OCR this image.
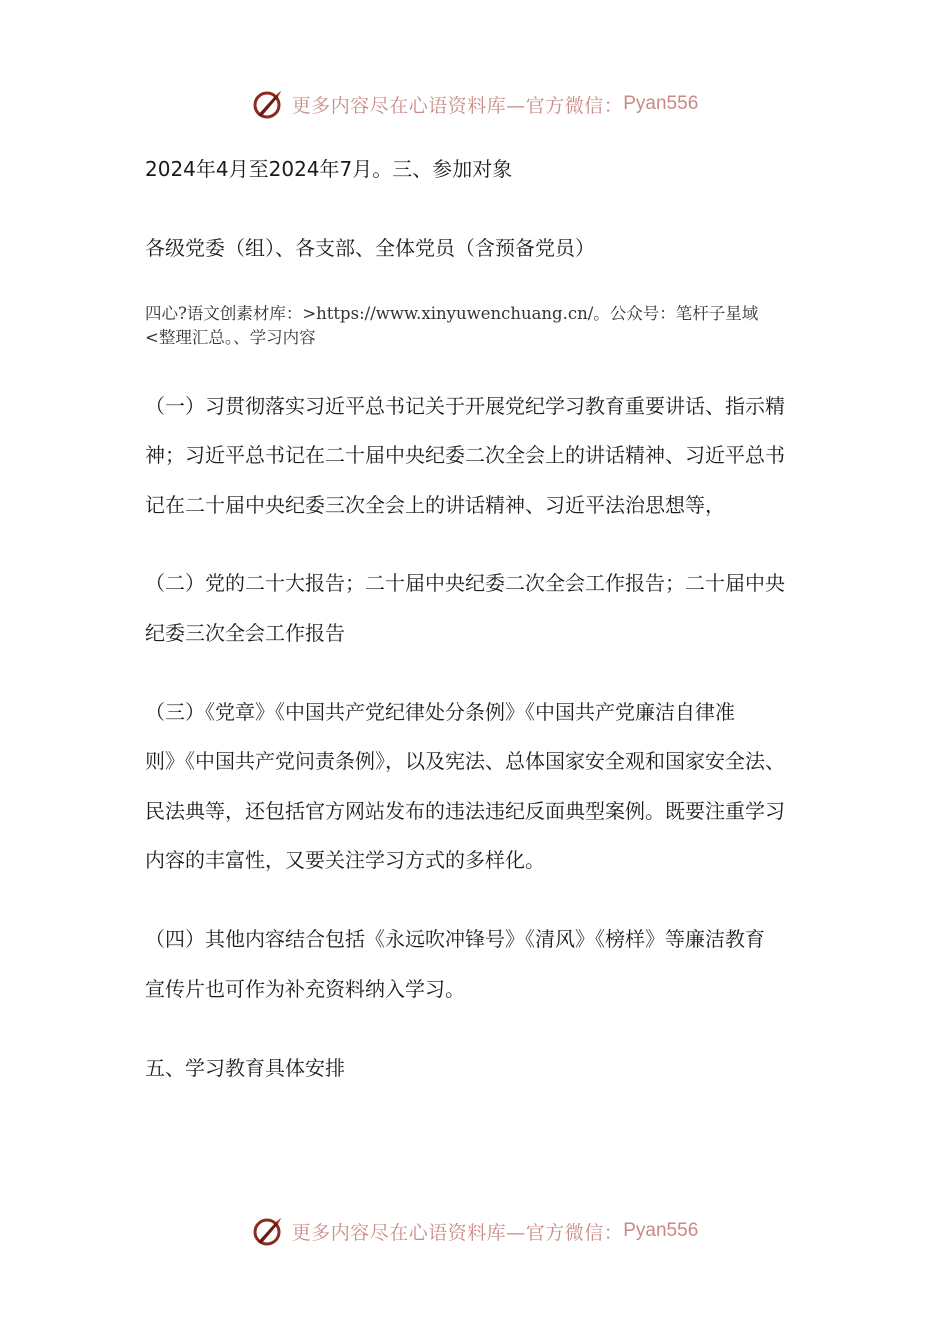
更多内容尽在心语资料库—官方微信： Pyan556
2024年4月至2024年7月。三、参加对象
各级党委（组）、各支部、全体党员（含预备党员）
四心?语文创素材库：>https://www.xinyuwenchuang.cn/。公众号：笔杆子星域
<整理汇总。、学习内容
（一）习贯彻落实习近平总书记关于开展党纪学习教育重要讲话、指示精
神；习近平总书记在二十届中央纪委二次全会上的讲话精神、习近平总书
记在二十届中央纪委三次全会上的讲话精神、习近平法治思想等，
（二）党的二十大报告；二十届中央纪委二次全会工作报告；二十届中央
纪委三次全会工作报告
（三）《党章》《中国共产党纪律处分条例》《中国共产党廉洁自律准
则》《中国共产党问责条例》，以及宪法、总体国家安全观和国家安全法、
民法典等，还包括官方网站发布的违法违纪反面典型案例。既要注重学习
内容的丰富性，又要关注学习方式的多样化。
（四）其他内容结合包括《永远吹冲锋号》《清风》《榜样》等廉洁教育
宣传片也可作为补充资料纳入学习。
五、学习教育具体安排
更多内容尽在心语资料库—官方微信： Pyan556
